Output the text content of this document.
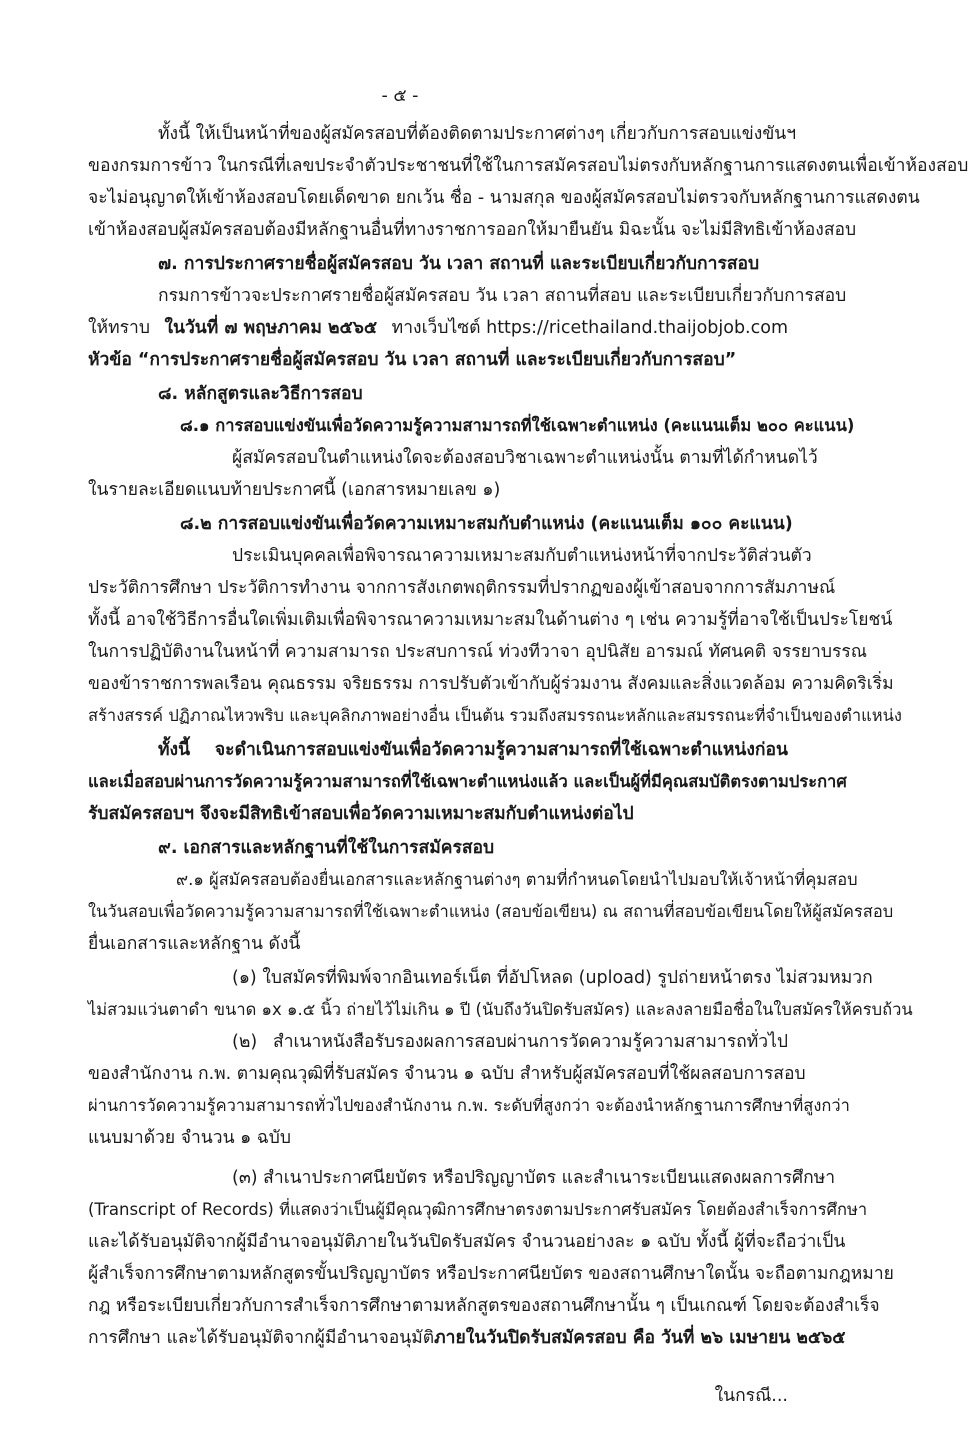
- ๕ -
ทั้งนี้ ให้เป็นหน้าที่ของผู้สมัครสอบที่ต้องติดตามประกาศต่างๆ เกี่ยวกับการสอบแข่งขันฯ
ของกรมการข้าว ในกรณีที่เลขประจำตัวประชาชนที่ใช้ในการสมัครสอบไม่ตรงกับหลักฐานการแสดงตนเพื่อเข้าห้องสอบ
จะไม่อนุญาตให้เข้าห้องสอบโดยเด็ดขาด ยกเว้น ชื่อ - นามสกุล ของผู้สมัครสอบไม่ตรวจกับหลักฐานการแสดงตน
เข้าห้องสอบผู้สมัครสอบต้องมีหลักฐานอื่นที่ทางราชการออกให้มายืนยัน มิฉะนั้น จะไม่มีสิทธิเข้าห้องสอบ
๗. การประกาศรายชื่อผู้สมัครสอบ วัน เวลา สถานที่ และระเบียบเกี่ยวกับการสอบ
กรมการข้าวจะประกาศรายชื่อผู้สมัครสอบ วัน เวลา สถานที่สอบ และระเบียบเกี่ยวกับการสอบ
ให้ทราบ ในวันที่ ๗ พฤษภาคม ๒๕๖๕ ทางเว็บไซต์ https://ricethailand.thaijobjob.com
หัวข้อ “การประกาศรายชื่อผู้สมัครสอบ วัน เวลา สถานที่ และระเบียบเกี่ยวกับการสอบ”
๘. หลักสูตรและวิธีการสอบ
๘.๑ การสอบแข่งขันเพื่อวัดความรู้ความสามารถที่ใช้เฉพาะตำแหน่ง (คะแนนเต็ม ๒๐๐ คะแนน)
ผู้สมัครสอบในตำแหน่งใดจะต้องสอบวิชาเฉพาะตำแหน่งนั้น ตามที่ได้กำหนดไว้
ในรายละเอียดแนบท้ายประกาศนี้ (เอกสารหมายเลข ๑)
๘.๒ การสอบแข่งขันเพื่อวัดความเหมาะสมกับตำแหน่ง (คะแนนเต็ม ๑๐๐ คะแนน)
ประเมินบุคคลเพื่อพิจารณาความเหมาะสมกับตำแหน่งหน้าที่จากประวัติส่วนตัว
ประวัติการศึกษา ประวัติการทำงาน จากการสังเกตพฤติกรรมที่ปรากฏของผู้เข้าสอบจากการสัมภาษณ์
ทั้งนี้ อาจใช้วิธีการอื่นใดเพิ่มเติมเพื่อพิจารณาความเหมาะสมในด้านต่าง ๆ เช่น ความรู้ที่อาจใช้เป็นประโยชน์
ในการปฏิบัติงานในหน้าที่ ความสามารถ ประสบการณ์ ท่วงทีวาจา อุปนิสัย อารมณ์ ทัศนคติ จรรยาบรรณ
ของข้าราชการพลเรือน คุณธรรม จริยธรรม การปรับตัวเข้ากับผู้ร่วมงาน สังคมและสิ่งแวดล้อม ความคิดริเริ่ม
สร้างสรรค์ ปฏิภาณไหวพริบ และบุคลิกภาพอย่างอื่น เป็นต้น รวมถึงสมรรถนะหลักและสมรรถนะที่จำเป็นของตำแหน่ง
ทั้งนี้ จะดำเนินการสอบแข่งขันเพื่อวัดความรู้ความสามารถที่ใช้เฉพาะตำแหน่งก่อน
และเมื่อสอบผ่านการวัดความรู้ความสามารถที่ใช้เฉพาะตำแหน่งแล้ว และเป็นผู้ที่มีคุณสมบัติตรงตามประกาศ
รับสมัครสอบฯ จึงจะมีสิทธิเข้าสอบเพื่อวัดความเหมาะสมกับตำแหน่งต่อไป
๙. เอกสารและหลักฐานที่ใช้ในการสมัครสอบ
๙.๑ ผู้สมัครสอบต้องยื่นเอกสารและหลักฐานต่างๆ ตามที่กำหนดโดยนำไปมอบให้เจ้าหน้าที่คุมสอบ
ในวันสอบเพื่อวัดความรู้ความสามารถที่ใช้เฉพาะตำแหน่ง (สอบข้อเขียน) ณ สถานที่สอบข้อเขียนโดยให้ผู้สมัครสอบ
ยื่นเอกสารและหลักฐาน ดังนี้
(๑) ใบสมัครที่พิมพ์จากอินเทอร์เน็ต ที่อัปโหลด (upload) รูปถ่ายหน้าตรง ไม่สวมหมวก
ไม่สวมแว่นตาดำ ขนาด ๑x ๑.๕ นิ้ว ถ่ายไว้ไม่เกิน ๑ ปี (นับถึงวันปิดรับสมัคร) และลงลายมือชื่อในใบสมัครให้ครบถ้วน
(๒) สำเนาหนังสือรับรองผลการสอบผ่านการวัดความรู้ความสามารถทั่วไป
ของสำนักงาน ก.พ. ตามคุณวุฒิที่รับสมัคร จำนวน ๑ ฉบับ สำหรับผู้สมัครสอบที่ใช้ผลสอบการสอบ
ผ่านการวัดความรู้ความสามารถทั่วไปของสำนักงาน ก.พ. ระดับที่สูงกว่า จะต้องนำหลักฐานการศึกษาที่สูงกว่า
แนบมาด้วย จำนวน ๑ ฉบับ
(๓) สำเนาประกาศนียบัตร หรือปริญญาบัตร และสำเนาระเบียนแสดงผลการศึกษา
(Transcript of Records) ที่แสดงว่าเป็นผู้มีคุณวุฒิการศึกษาตรงตามประกาศรับสมัคร โดยต้องสำเร็จการศึกษา
และได้รับอนุมัติจากผู้มีอำนาจอนุมัติภายในวันปิดรับสมัคร จำนวนอย่างละ ๑ ฉบับ ทั้งนี้ ผู้ที่จะถือว่าเป็น
ผู้สำเร็จการศึกษาตามหลักสูตรขั้นปริญญาบัตร หรือประกาศนียบัตร ของสถานศึกษาใดนั้น จะถือตามกฎหมาย
กฎ หรือระเบียบเกี่ยวกับการสำเร็จการศึกษาตามหลักสูตรของสถานศึกษานั้น ๆ เป็นเกณฑ์ โดยจะต้องสำเร็จ
การศึกษา และได้รับอนุมัติจากผู้มีอำนาจอนุมัติ ภายในวันปิดรับสมัครสอบ คือ วันที่ ๒๖ เมษายน ๒๕๖๕
ในกรณี...
